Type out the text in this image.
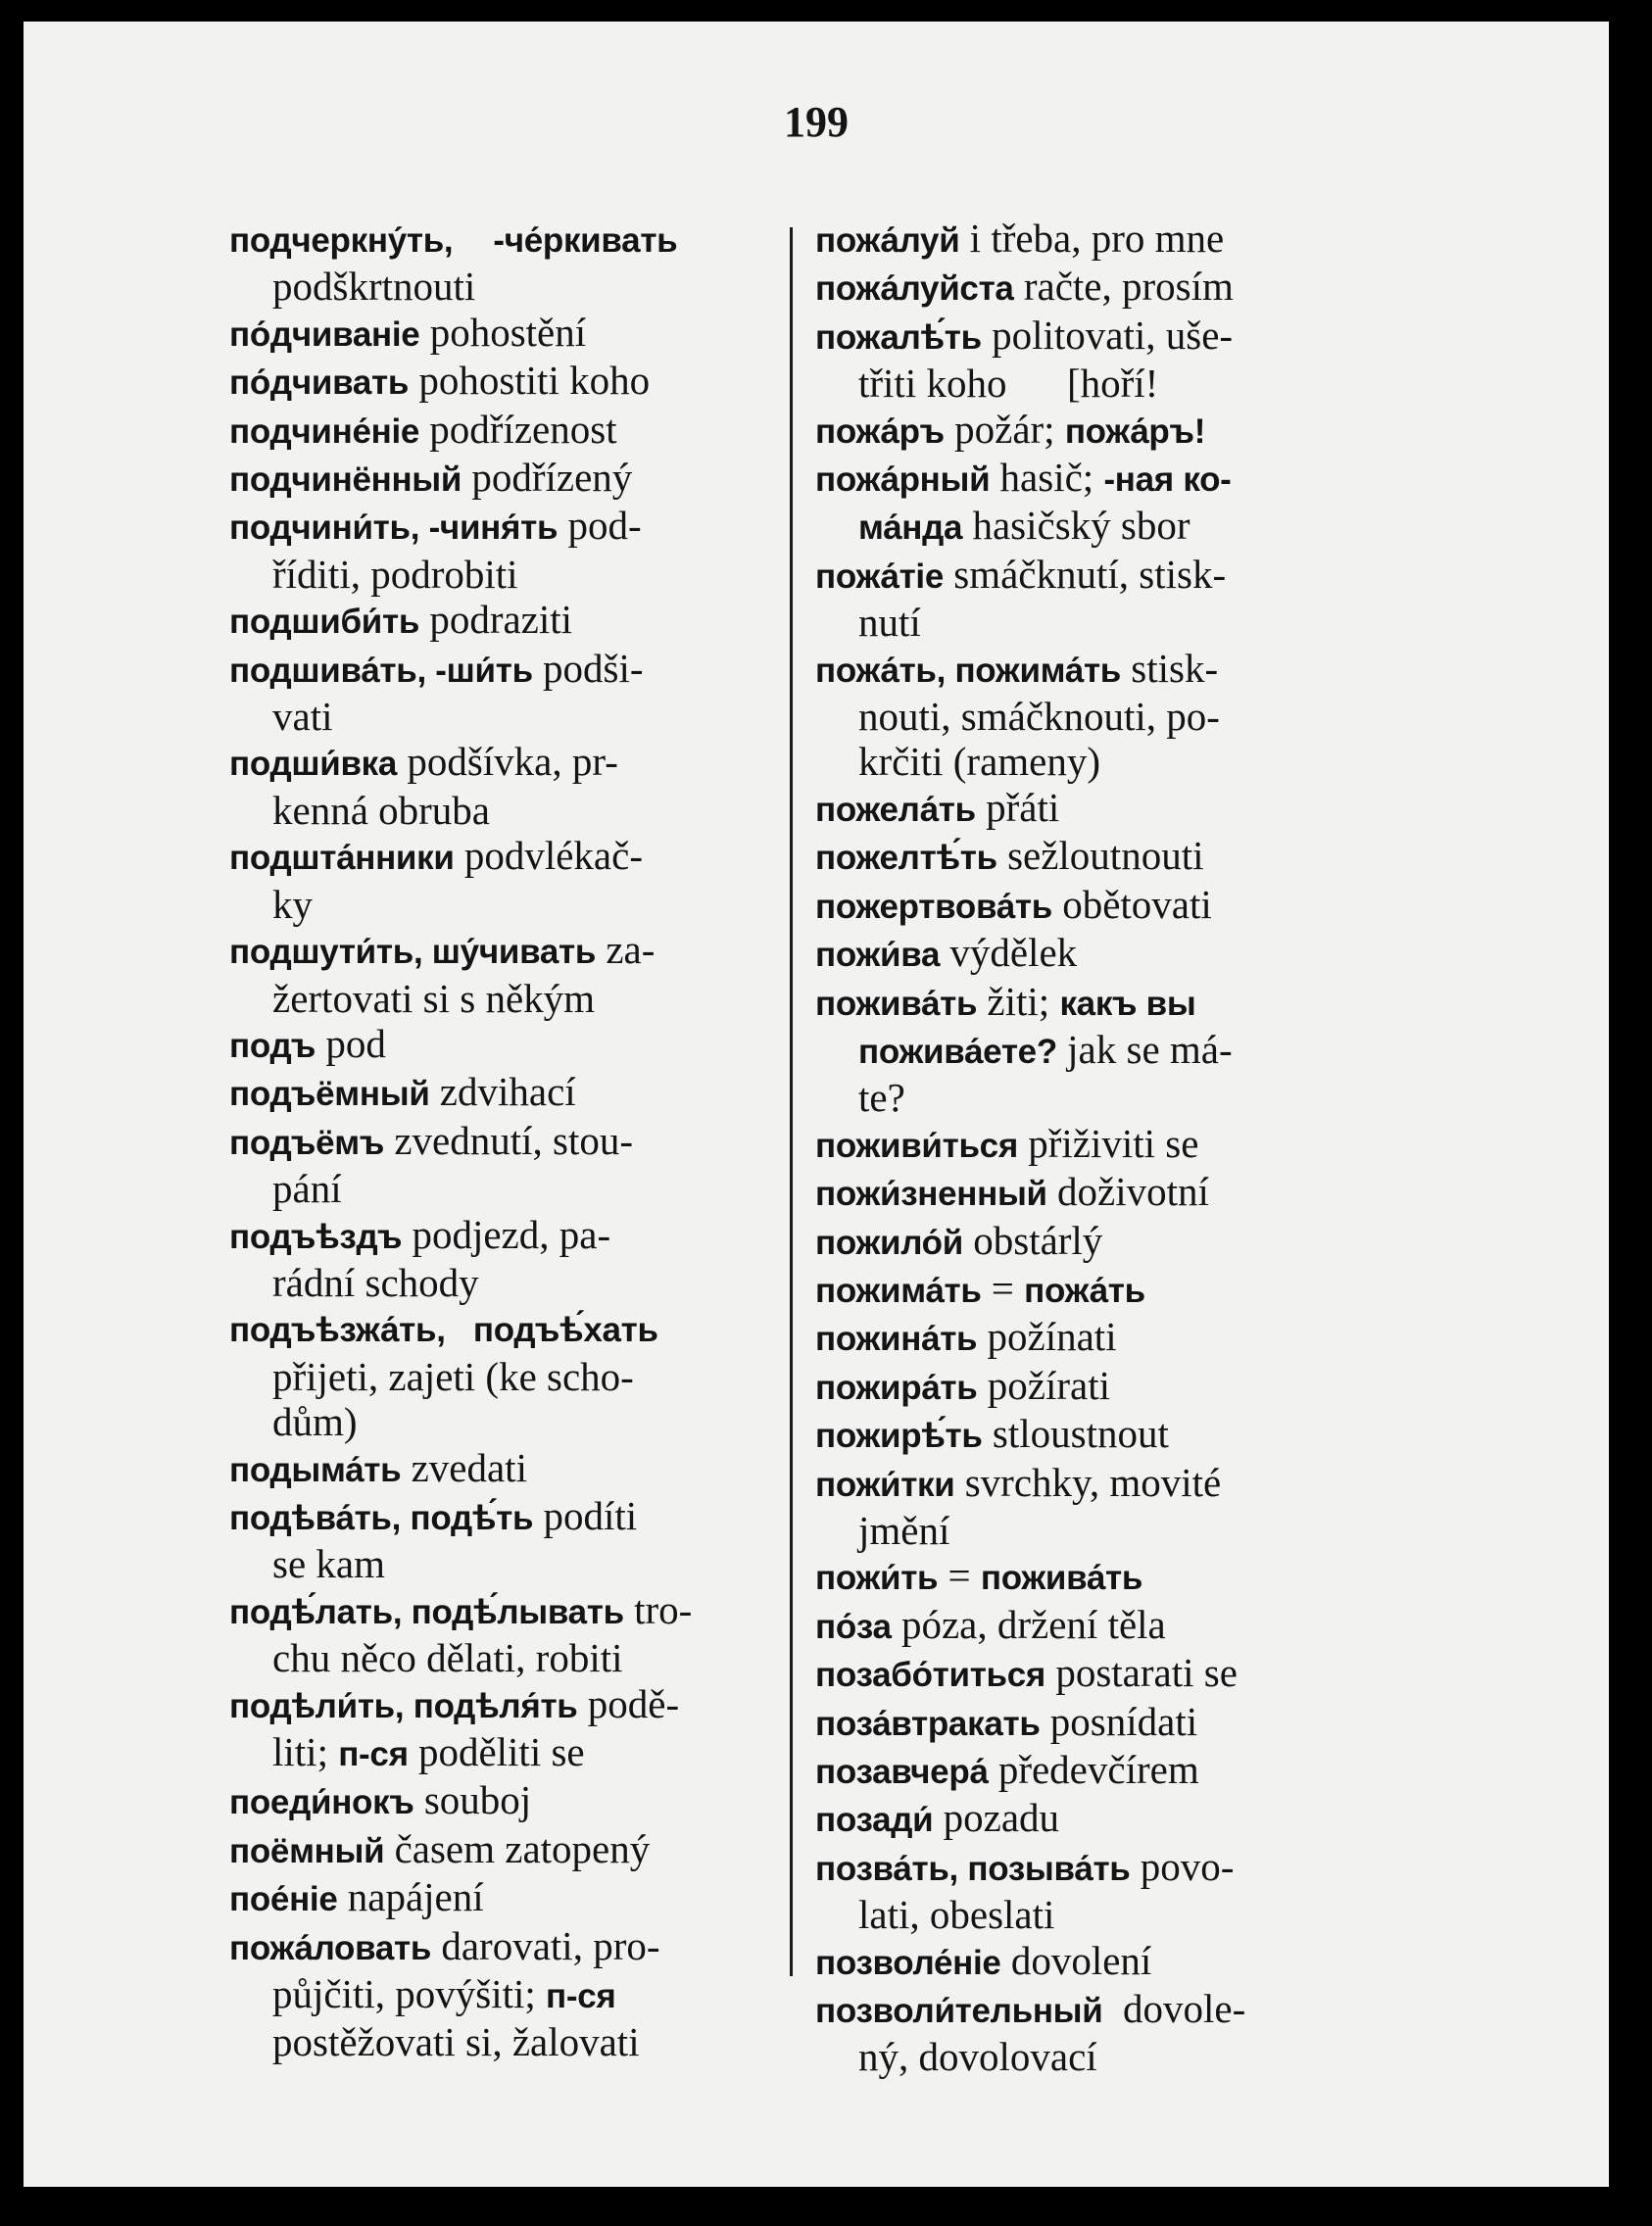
199
подчеркну́ть, -че́ркивать
podškrtnouti
по́дчиванiе pohostění
по́дчивать pohostiti koho
подчине́нiе podřízenost
подчинённый podřízený
подчини́ть, -чиня́ть pod-
říditi, podrobiti
подшиби́ть podraziti
подшива́ть, -ши́ть podši-
vati
подши́вка podšívka, pr-
kenná obruba
подшта́нники podvlékač-
ky
подшути́ть, шу́чивать za-
žertovati si s někým
подъ pod
подъёмный zdvihací
подъёмъ zvednutí, stou-
pání
подъѣздъ podjezd, pa-
rádní schody
подъѣзжа́ть,   подъѣ́хать
přijeti, zajeti (ke scho-
dům)
подыма́ть zvedati
подѣва́ть, подѣ́ть podíti
se kam
подѣ́лать, подѣ́лывать tro-
chu něco dělati, robiti
подѣли́ть, подѣля́ть podě-
liti; п-ся poděliti se
поеди́нокъ souboj
поёмный časem zatopený
пое́нiе napájení
пожа́ловать darovati, pro-
půjčiti, povýšiti; п-ся
postěžovati si, žalovati
пожа́луй i třeba, pro mne
пожа́луйста račte, prosím
пожалѣ́ть politovati, uše-
třiti koho      [hoří!
пожа́ръ požár; пожа́ръ!
пожа́рный hasič; -ная ко-
ма́нда hasičský sbor
пожа́тiе smáčknutí, stisk-
nutí
пожа́ть, пожима́ть stisk-
nouti, smáčknouti, po-
krčiti (rameny)
пожела́ть přáti
пожелтѣ́ть sežloutnouti
пожертвова́ть obětovati
пожи́ва výdělek
пожива́ть žiti; какъ вы
пожива́ете? jak se má-
te?
поживи́ться přiživiti se
пожи́зненный doživotní
пожило́й obstárlý
пожима́ть = пожа́ть
пожина́ть požínati
пожира́ть požírati
пожирѣ́ть stloustnout
пожи́тки svrchky, movité
jmění
пожи́ть = пожива́ть
по́за póza, držení těla
позабо́титься postarati se
поза́втракать posnídati
позавчера́ předevčírem
позади́ pozadu
позва́ть, позыва́ть povo-
lati, obeslati
позволе́нiе dovolení
позволи́тельный  dovole-
ný, dovolovací
